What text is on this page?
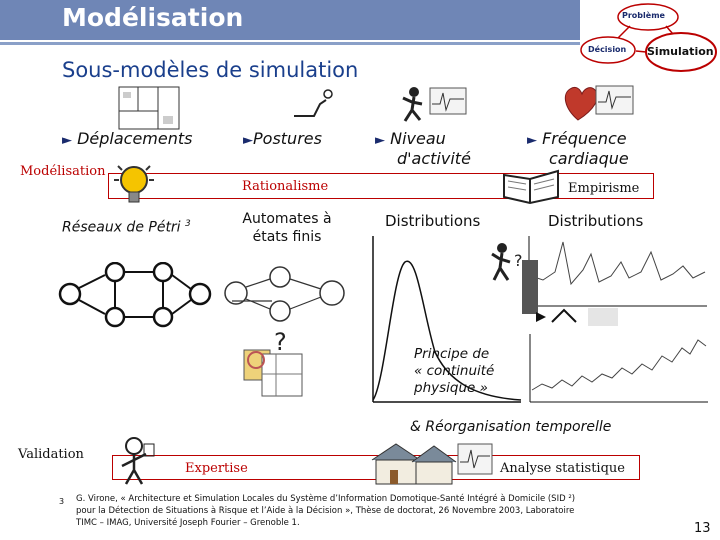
Modélisation	Problème
Décision Simulation
Sous-modèles de simulation
► Déplacements	►Postures	► Niveau
d'activité
► Fréquence
cardiaque
Modélisation
Rationalisme	Empirisme
Réseaux de Pétri $^3$	Automates à
états finis
Distributions	Distributions
?
?	Principe de
« continuité
physique »
& Réorganisation temporelle
Validation
Expertise	Analyse statistique
3 G. Virone, « Architecture et Simulation Locales du Système d’Information Domotique-Santé Intégré à Domicile (SID ²)
pour la Détection de Situations à Risque et l’Aide à la Décision », Thèse de doctorat, 26 Novembre 2003, Laboratoire
TIMC – IMAG, Université Joseph Fourier – Grenoble 1.	13
